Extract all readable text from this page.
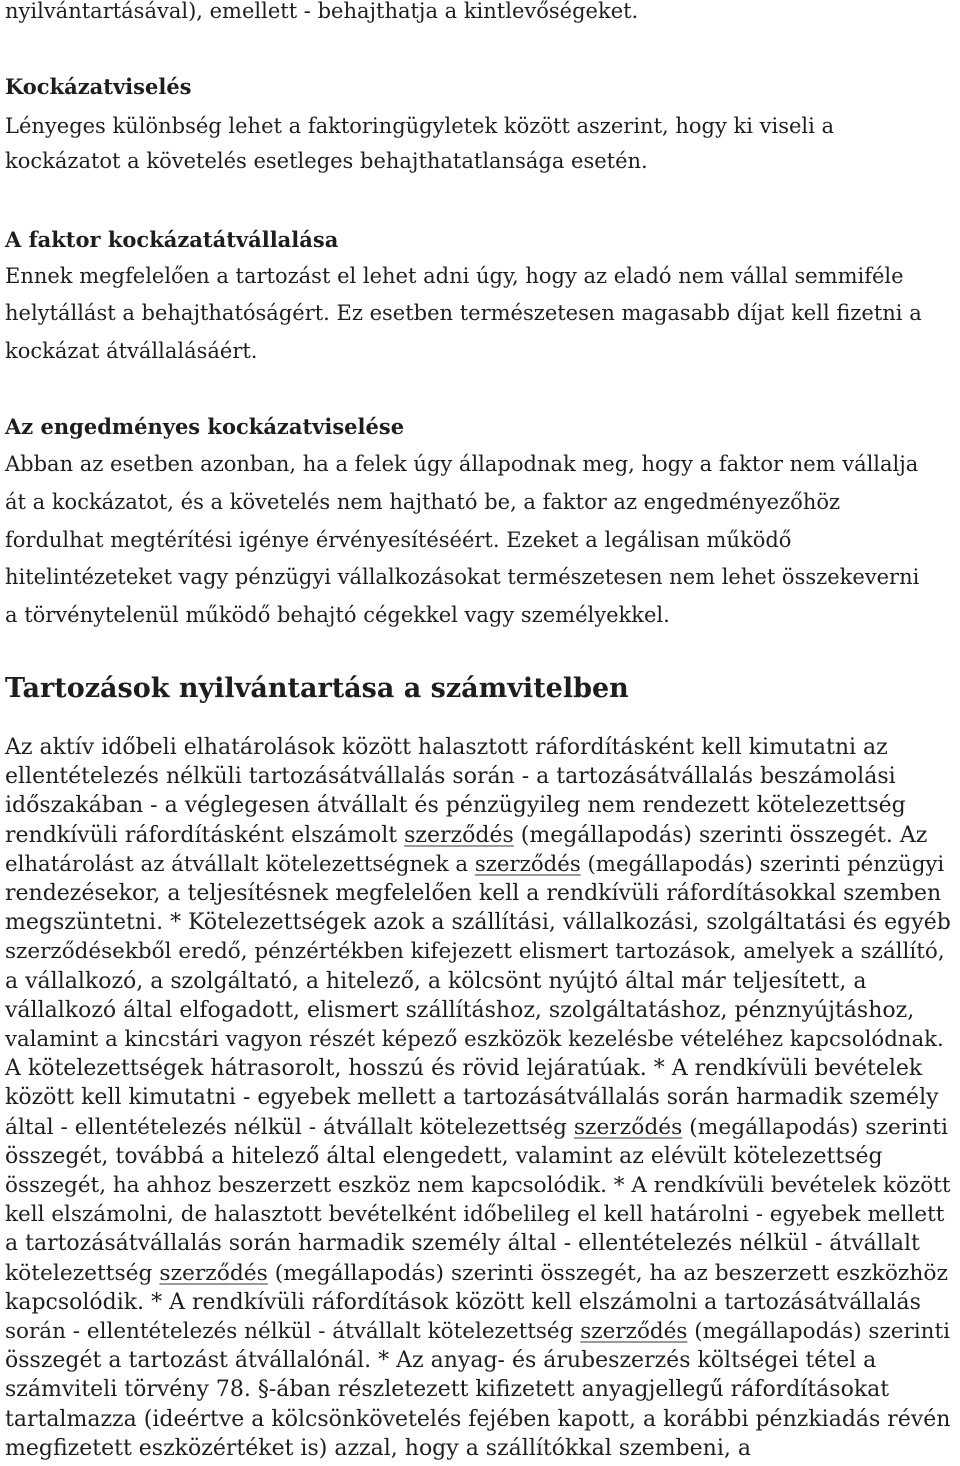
nyilvántartásával), emellett - behajthatja a kintlevőségeket.
Kockázatviselés
Lényeges különbség lehet a faktoringügyletek között aszerint, hogy ki viseli a
kockázatot a követelés esetleges behajthatatlansága esetén.
A faktor kockázatátvállalása
Ennek megfelelően a tartozást el lehet adni úgy, hogy az eladó nem vállal semmiféle
helytállást a behajthatóságért. Ez esetben természetesen magasabb díjat kell fizetni a
kockázat átvállalásáért.
Az engedményes kockázatviselése
Abban az esetben azonban, ha a felek úgy állapodnak meg, hogy a faktor nem vállalja
át a kockázatot, és a követelés nem hajtható be, a faktor az engedményezőhöz
fordulhat megtérítési igénye érvényesítéséért. Ezeket a legálisan működő
hitelintézeteket vagy pénzügyi vállalkozásokat természetesen nem lehet összekeverni
a törvénytelenül működő behajtó cégekkel vagy személyekkel.
Tartozások nyilvántartása a számvitelben
Az aktív időbeli elhatárolások között halasztott ráfordításként kell kimutatni az
ellentételezés nélküli tartozásátvállalás során - a tartozásátvállalás beszámolási
időszakában - a véglegesen átvállalt és pénzügyileg nem rendezett kötelezettség
rendkívüli ráfordításként elszámolt szerződés (megállapodás) szerinti összegét. Az
elhatárolást az átvállalt kötelezettségnek a szerződés (megállapodás) szerinti pénzügyi
rendezésekor, a teljesítésnek megfelelően kell a rendkívüli ráfordításokkal szemben
megszüntetni. * Kötelezettségek azok a szállítási, vállalkozási, szolgáltatási és egyéb
szerződésekből eredő, pénzértékben kifejezett elismert tartozások, amelyek a szállító,
a vállalkozó, a szolgáltató, a hitelező, a kölcsönt nyújtó által már teljesített, a
vállalkozó által elfogadott, elismert szállításhoz, szolgáltatáshoz, pénznyújtáshoz,
valamint a kincstári vagyon részét képező eszközök kezelésbe vételéhez kapcsolódnak.
A kötelezettségek hátrasorolt, hosszú és rövid lejáratúak. * A rendkívüli bevételek
között kell kimutatni - egyebek mellett a tartozásátvállalás során harmadik személy
által - ellentételezés nélkül - átvállalt kötelezettség szerződés (megállapodás) szerinti
összegét, továbbá a hitelező által elengedett, valamint az elévült kötelezettség
összegét, ha ahhoz beszerzett eszköz nem kapcsolódik. * A rendkívüli bevételek között
kell elszámolni, de halasztott bevételként időbelileg el kell határolni - egyebek mellett
a tartozásátvállalás során harmadik személy által - ellentételezés nélkül - átvállalt
kötelezettség szerződés (megállapodás) szerinti összegét, ha az beszerzett eszközhöz
kapcsolódik. * A rendkívüli ráfordítások között kell elszámolni a tartozásátvállalás
során - ellentételezés nélkül - átvállalt kötelezettség szerződés (megállapodás) szerinti
összegét a tartozást átvállalónál. * Az anyag- és árubeszerzés költségei tétel a
számviteli törvény 78. §-ában részletezett kifizetett anyagjellegű ráfordításokat
tartalmazza (ideértve a kölcsönkövetelés fejében kapott, a korábbi pénzkiadás révén
megfizetett eszközértéket is) azzal, hogy a szállítókkal szembeni, a
